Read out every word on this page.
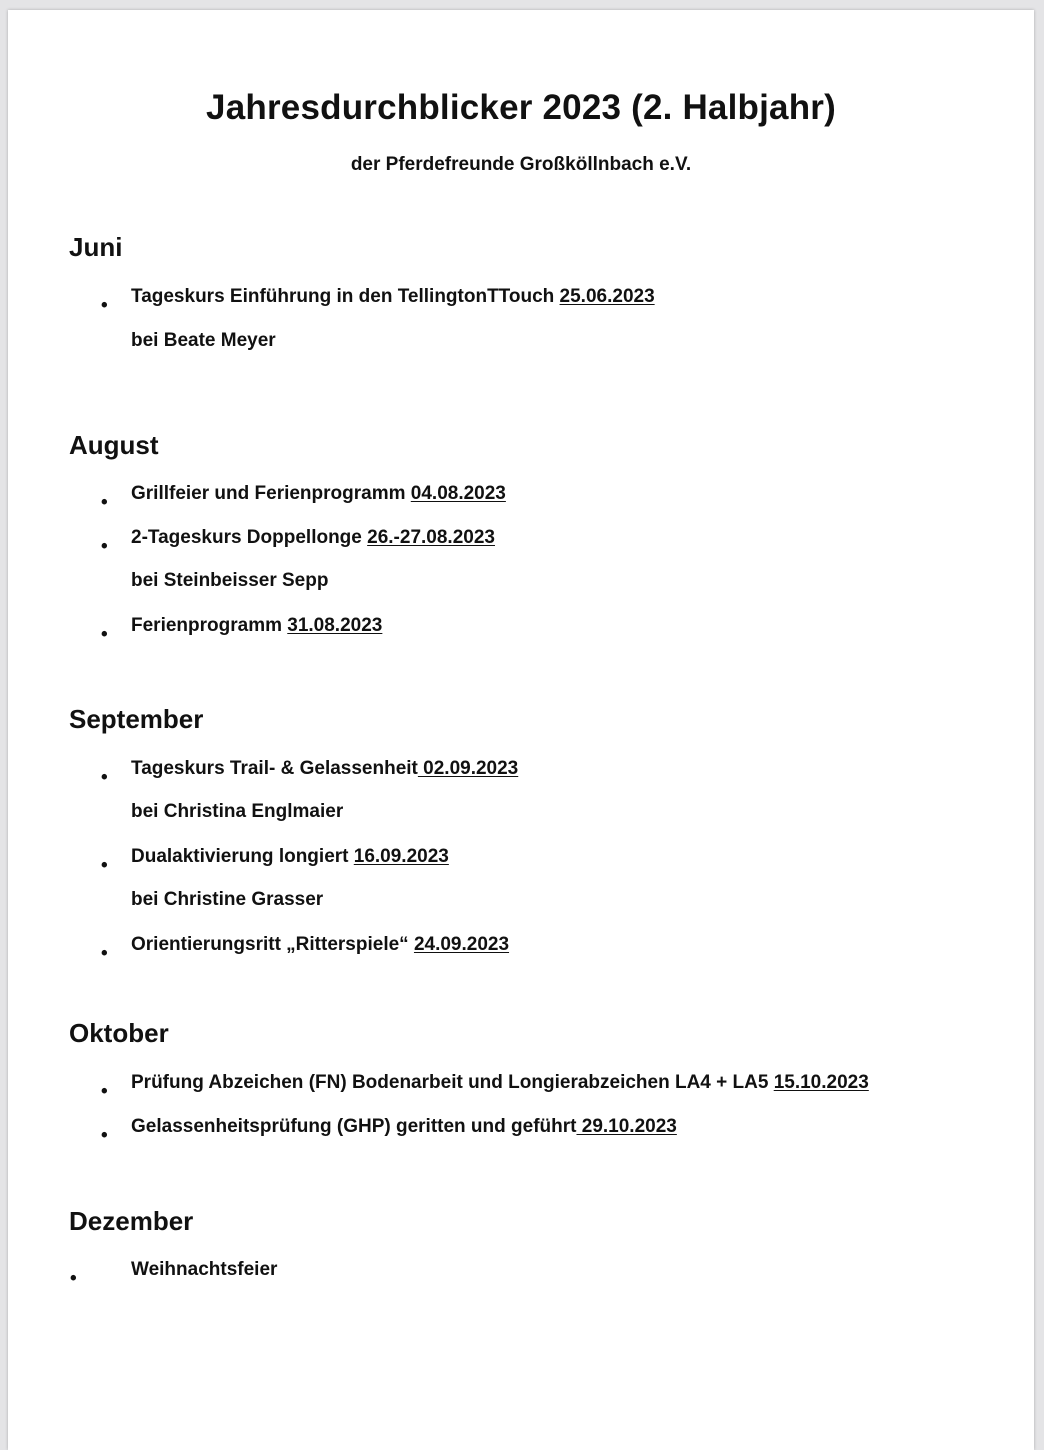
Jahresdurchblicker 2023 (2. Halbjahr)

der Pferdefreunde Großköllnbach e.V.

Juni
• Tageskurs Einführung in den TellingtonTTouch 25.06.2023

bei Beate Meyer

August
• Grillfeier und Ferienprogramm 04.08.2023

• 2-Tageskurs Doppellonge 26.-27.08.2023

bei Steinbeisser Sepp

• Ferienprogramm 31.08.2023

September
• Tageskurs Trail- & Gelassenheit 02.09.2023

bei Christina Englmaier

• Dualaktivierung longiert 16.09.2023

bei Christine Grasser

• Orientierungsritt „Ritterspiele“ 24.09.2023

Oktober
• Prüfung Abzeichen (FN) Bodenarbeit und Longierabzeichen LA4 + LA5 15.10.2023

• Gelassenheitsprüfung (GHP) geritten und geführt 29.10.2023

Dezember
•	Weihnachtsfeier
